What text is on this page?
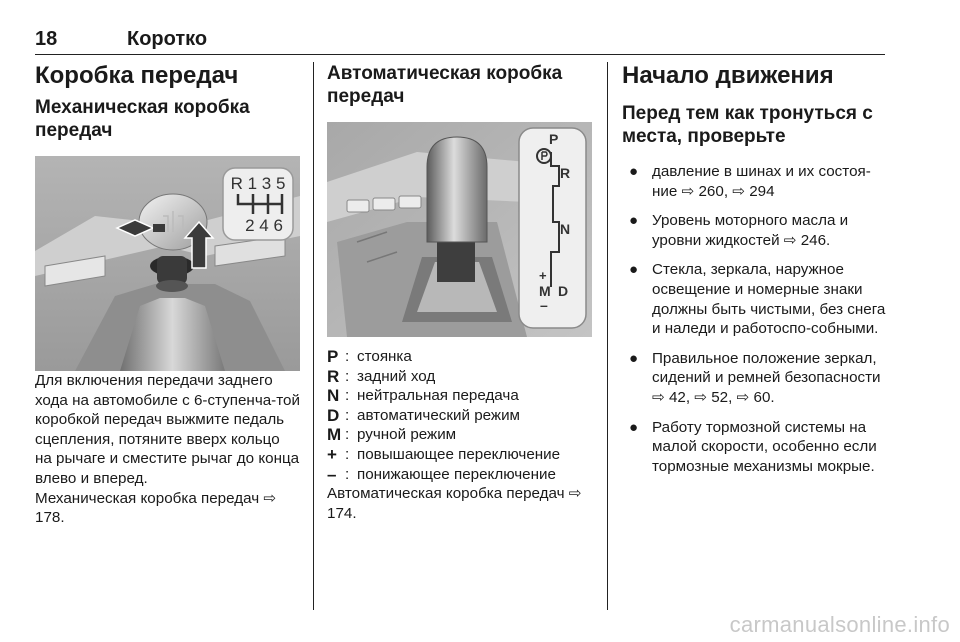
18	Коротко
Коробка передач
Механическая коробка передач
R 1 3 5
2 4 6

Для включения передачи заднего хода на автомобиле с 6-ступенча-той коробкой передач выжмите педаль сцепления, потяните вверх кольцо на рычаге и сместите рычаг до конца влево и вперед.

Механическая коробка передач ⇨ 178.

Автоматическая коробка передач
P
R
N
+
M D
–
P : стоянка
R : задний ход
N : нейтральная передача
D : автоматический режим
M : ручной режим
+ : повышающее переключение
– : понижающее переключение

Автоматическая коробка передач ⇨ 174.

Начало движения
Перед тем как тронуться с места, проверьте
● давление в шинах и их состоя-ние ⇨ 260, ⇨ 294
● Уровень моторного масла и уровни жидкостей ⇨ 246.
● Стекла, зеркала, наружное освещение и номерные знаки должны быть чистыми, без снега и наледи и работоспо-собными.
● Правильное положение зеркал, сидений и ремней безопасности ⇨ 42, ⇨ 52, ⇨ 60.
● Работу тормозной системы на малой скорости, особенно если тормозные механизмы мокрые.
carmanualsonline.info
